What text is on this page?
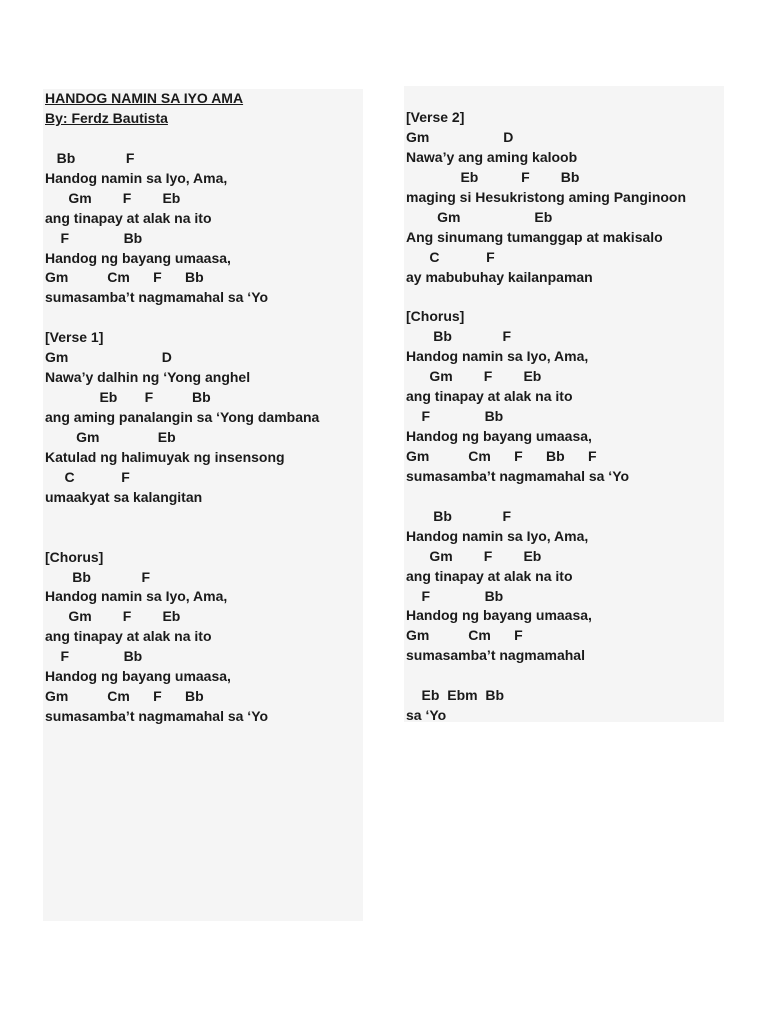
HANDOG NAMIN SA IYO AMA
By: Ferdz Bautista
Bb             F
Handog namin sa Iyo, Ama,
Gm        F        Eb
ang tinapay at alak na ito
F              Bb
Handog ng bayang umaasa,
Gm          Cm      F      Bb
sumasamba’t nagmamahal sa ‘Yo
[Verse 1]
Gm                        D
Nawa’y dalhin ng ‘Yong anghel
Eb       F          Bb
ang aming panalangin sa ‘Yong dambana
Gm               Eb
Katulad ng halimuyak ng insensong
C            F
umaakyat sa kalangitan
[Chorus]
Bb             F
Handog namin sa Iyo, Ama,
Gm        F        Eb
ang tinapay at alak na ito
F              Bb
Handog ng bayang umaasa,
Gm          Cm      F      Bb
sumasamba’t nagmamahal sa ‘Yo
[Verse 2]
Gm                   D
Nawa’y ang aming kaloob
Eb           F        Bb
maging si Hesukristong aming Panginoon
Gm                   Eb
Ang sinumang tumanggap at makisalo
C            F
ay mabubuhay kailanpaman
[Chorus]
Bb             F
Handog namin sa Iyo, Ama,
Gm        F        Eb
ang tinapay at alak na ito
F              Bb
Handog ng bayang umaasa,
Gm          Cm      F      Bb      F
sumasamba’t nagmamahal sa ‘Yo
Bb             F
Handog namin sa Iyo, Ama,
Gm        F        Eb
ang tinapay at alak na ito
F              Bb
Handog ng bayang umaasa,
Gm          Cm      F
sumasamba’t nagmamahal
Eb  Ebm  Bb
sa ‘Yo
